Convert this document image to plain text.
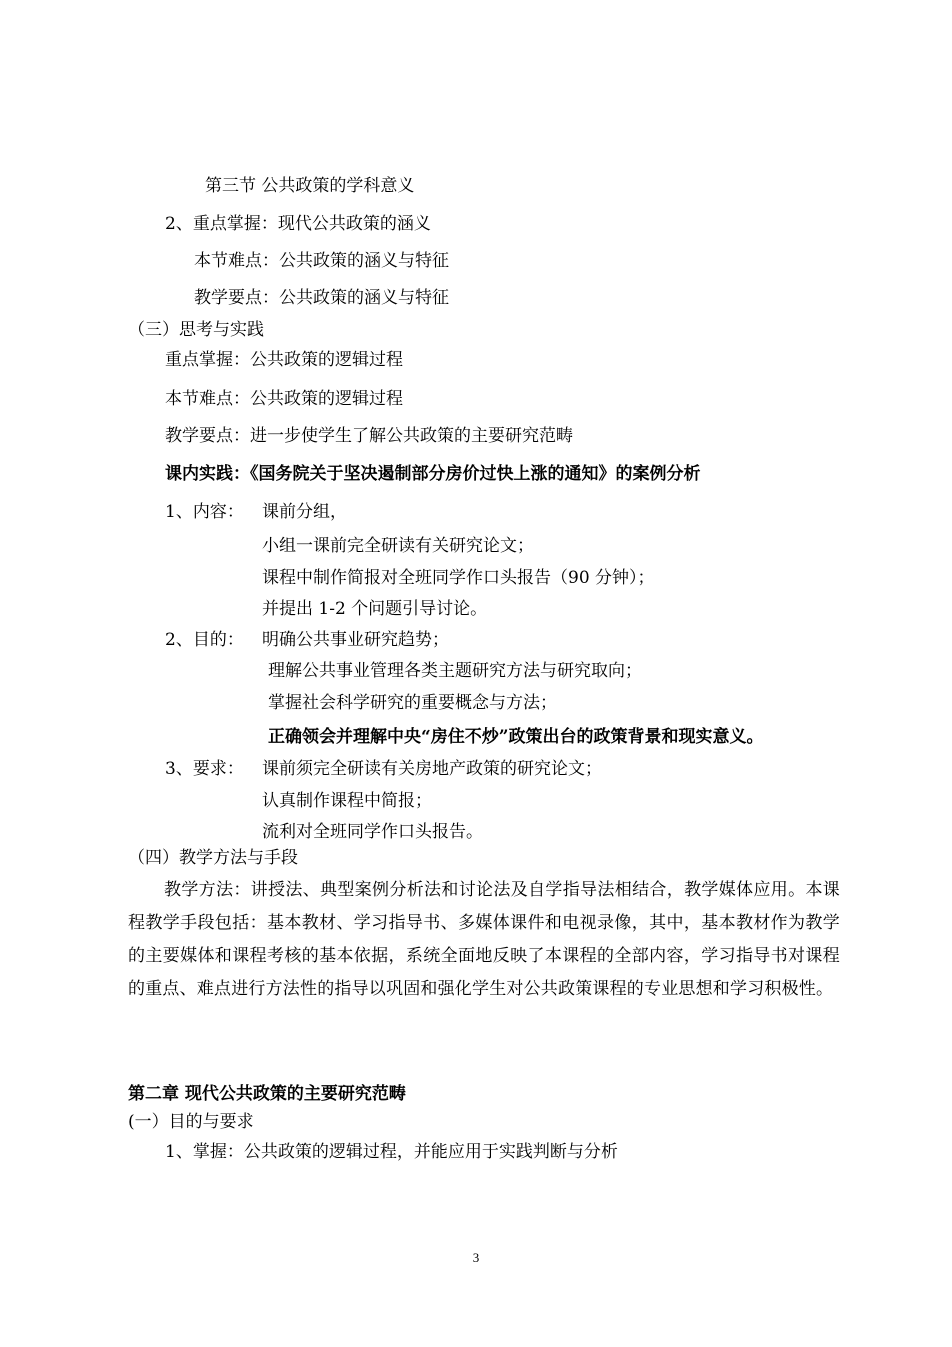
第三节 公共政策的学科意义
2、重点掌握：现代公共政策的涵义
本节难点：公共政策的涵义与特征
教学要点：公共政策的涵义与特征
（三）思考与实践
重点掌握：公共政策的逻辑过程
本节难点：公共政策的逻辑过程
教学要点：进一步使学生了解公共政策的主要研究范畴
课内实践：《国务院关于坚决遏制部分房价过快上涨的通知》的案例分析
1、内容： 课前分组，
小组一课前完全研读有关研究论文；
课程中制作简报对全班同学作口头报告（90 分钟）；
并提出 1-2 个问题引导讨论。
2、目的： 明确公共事业研究趋势；
理解公共事业管理各类主题研究方法与研究取向；
掌握社会科学研究的重要概念与方法；
正确领会并理解中央“房住不炒”政策出台的政策背景和现实意义。
3、要求： 课前须完全研读有关房地产政策的研究论文；
认真制作课程中简报；
流利对全班同学作口头报告。
（四）教学方法与手段
教学方法：讲授法、典型案例分析法和讨论法及自学指导法相结合，教学媒体应用。本课程教学手段包括：基本教材、学习指导书、多媒体课件和电视录像，其中，基本教材作为教学的主要媒体和课程考核的基本依据，系统全面地反映了本课程的全部内容，学习指导书对课程的重点、难点进行方法性的指导以巩固和强化学生对公共政策课程的专业思想和学习积极性。
第二章 现代公共政策的主要研究范畴
(一）目的与要求
1、掌握：公共政策的逻辑过程，并能应用于实践判断与分析
3
